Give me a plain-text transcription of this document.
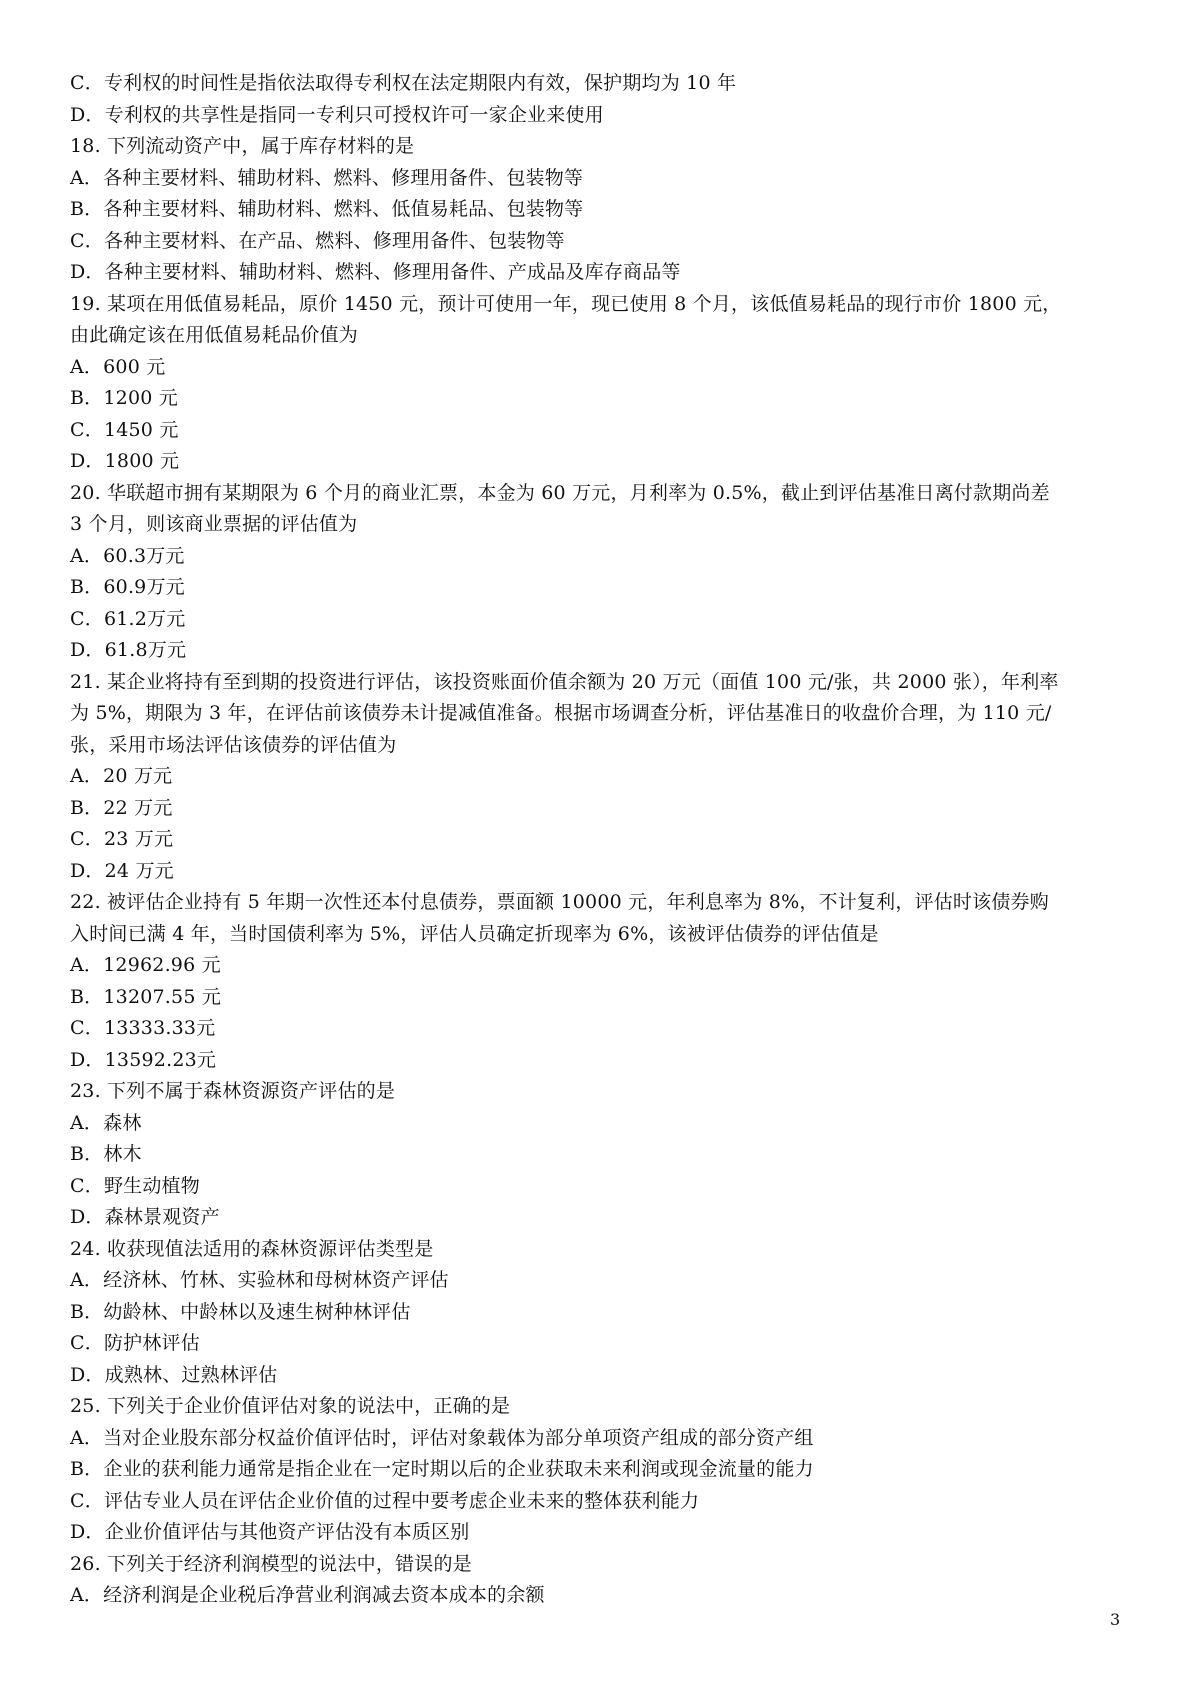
C．专利权的时间性是指依法取得专利权在法定期限内有效，保护期均为 10 年
D．专利权的共享性是指同一专利只可授权许可一家企业来使用
18. 下列流动资产中，属于库存材料的是
A．各种主要材料、辅助材料、燃料、修理用备件、包装物等
B．各种主要材料、辅助材料、燃料、低值易耗品、包装物等
C．各种主要材料、在产品、燃料、修理用备件、包装物等
D．各种主要材料、辅助材料、燃料、修理用备件、产成品及库存商品等
19. 某项在用低值易耗品，原价 1450 元，预计可使用一年，现已使用 8 个月，该低值易耗品的现行市价 1800 元，
由此确定该在用低值易耗品价值为
A．600 元
B．1200 元
C．1450 元
D．1800 元
20. 华联超市拥有某期限为 6 个月的商业汇票，本金为 60 万元，月利率为 0.5%，截止到评估基准日离付款期尚差
3 个月，则该商业票据的评估值为
A．60.3万元
B．60.9万元
C．61.2万元
D．61.8万元
21. 某企业将持有至到期的投资进行评估，该投资账面价值余额为 20 万元（面值 100 元/张，共 2000 张），年利率
为 5%，期限为 3 年，在评估前该债券未计提减值准备。根据市场调查分析，评估基准日的收盘价合理，为 110 元/
张，采用市场法评估该债券的评估值为
A．20 万元
B．22 万元
C．23 万元
D．24 万元
22. 被评估企业持有 5 年期一次性还本付息债券，票面额 10000 元，年利息率为 8%，不计复利，评估时该债券购
入时间已满 4 年，当时国债利率为 5%，评估人员确定折现率为 6%，该被评估债券的评估值是
A．12962.96 元
B．13207.55 元
C．13333.33元
D．13592.23元
23. 下列不属于森林资源资产评估的是
A．森林
B．林木
C．野生动植物
D．森林景观资产
24. 收获现值法适用的森林资源评估类型是
A．经济林、竹林、实验林和母树林资产评估
B．幼龄林、中龄林以及速生树种林评估
C．防护林评估
D．成熟林、过熟林评估
25. 下列关于企业价值评估对象的说法中，正确的是
A．当对企业股东部分权益价值评估时，评估对象载体为部分单项资产组成的部分资产组
B．企业的获利能力通常是指企业在一定时期以后的企业获取未来利润或现金流量的能力
C．评估专业人员在评估企业价值的过程中要考虑企业未来的整体获利能力
D．企业价值评估与其他资产评估没有本质区别
26. 下列关于经济利润模型的说法中，错误的是
A．经济利润是企业税后净营业利润减去资本成本的余额
3
